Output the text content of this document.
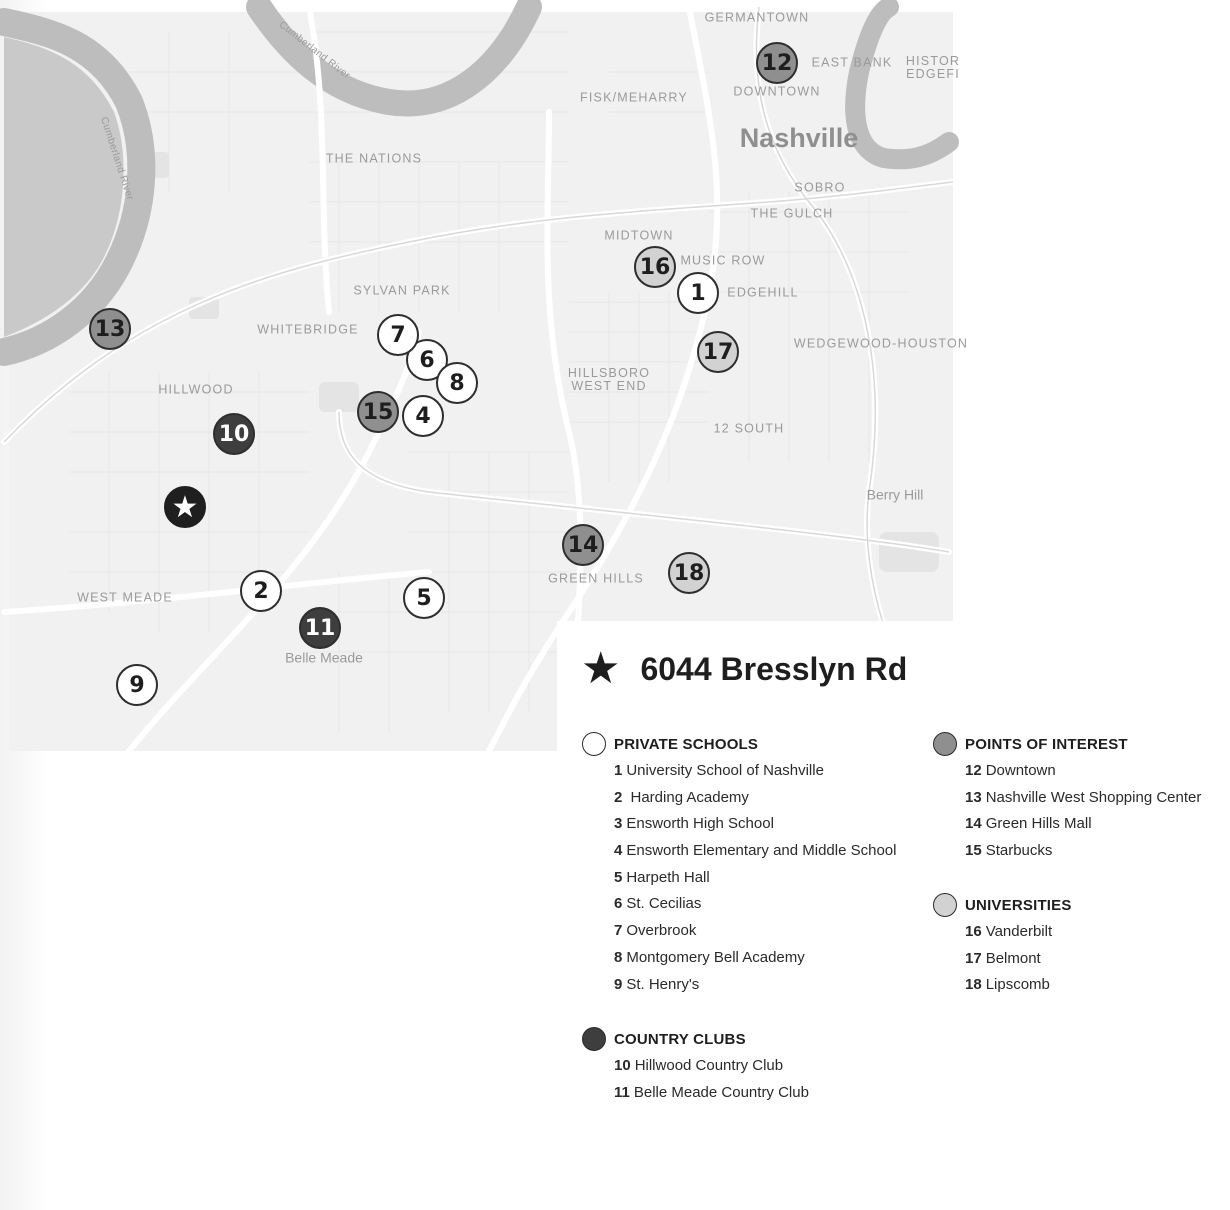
GERMANTOWN
EAST BANK HISTOR
EDGEFI
DOWNTOWN
FISK/MEHARRY
Nashville
THE NATIONS
SOBRO
THE GULCH
MIDTOWN
MUSIC ROW
EDGEHILL
SYLVAN PARK
WHITEBRIDGE
WEDGEWOOD-HOUSTON
HILLWOOD
HILLSBORO
WEST END
12 SOUTH
Berry Hill
GREEN HILLS
WEST MEADE
Belle Meade
Cumberland River
Cumberland River
1
2
4
5
6
7
8
9
10
11
12
13
14
15
16
17
18
★
★ 6044 Bresslyn Rd
PRIVATE SCHOOLS
1 University School of Nashville
2 Harding Academy
3 Ensworth High School
4 Ensworth Elementary and Middle School
5 Harpeth Hall
6 St. Cecilias
7 Overbrook
8 Montgomery Bell Academy
9 St. Henry's
COUNTRY CLUBS
10 Hillwood Country Club
11 Belle Meade Country Club
POINTS OF INTEREST
12 Downtown
13 Nashville West Shopping Center
14 Green Hills Mall
15 Starbucks
UNIVERSITIES
16 Vanderbilt
17 Belmont
18 Lipscomb
